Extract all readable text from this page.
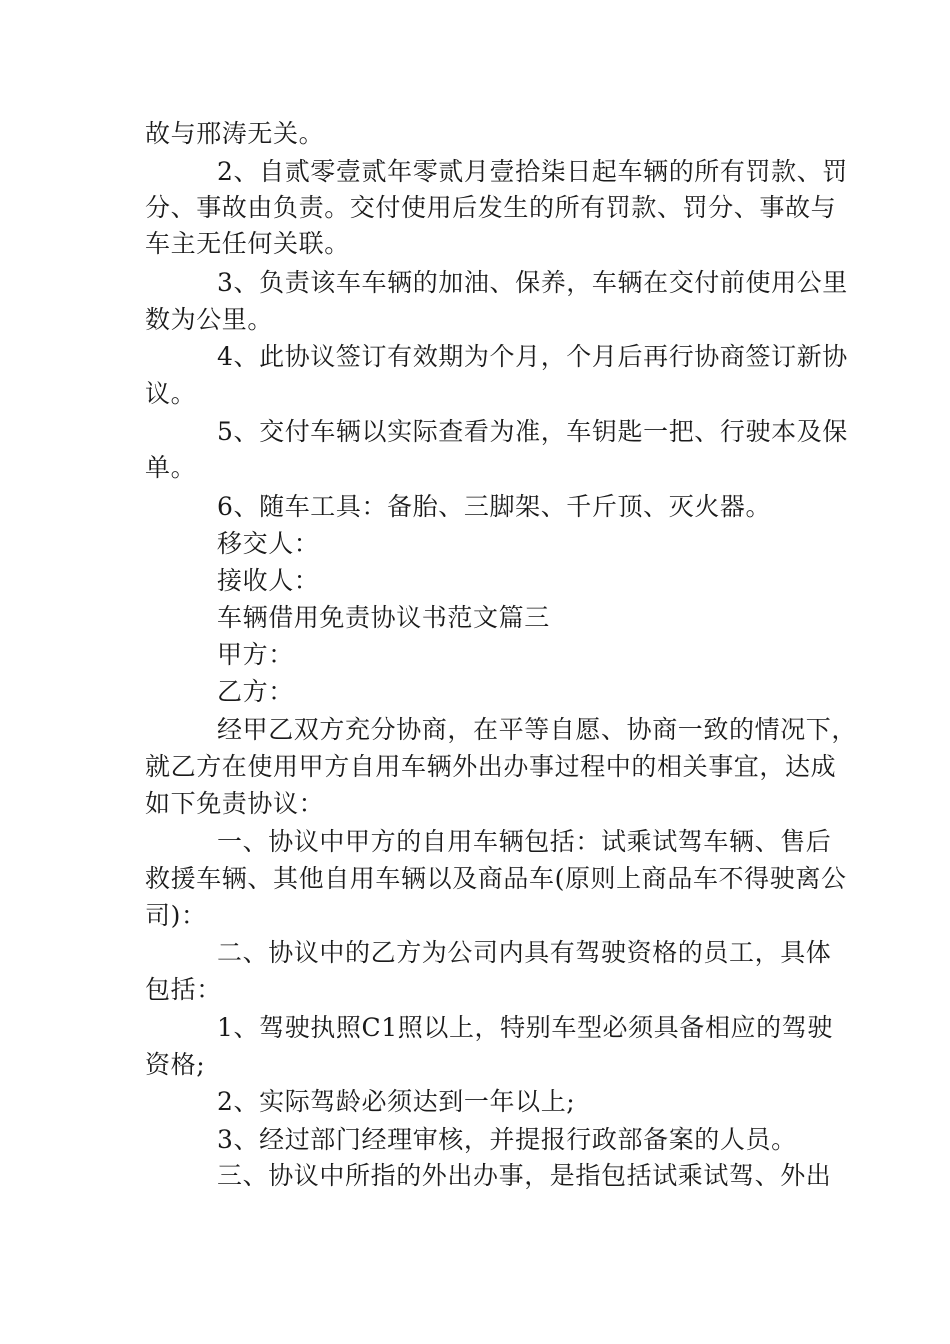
故与邢涛无关。
2、自贰零壹贰年零贰月壹拾柒日起车辆的所有罚款、罚
分、事故由负责。交付使用后发生的所有罚款、罚分、事故与
车主无任何关联。
3、负责该车车辆的加油、保养，车辆在交付前使用公里
数为公里。
4、此协议签订有效期为个月，个月后再行协商签订新协
议。
5、交付车辆以实际查看为准，车钥匙一把、行驶本及保
单。
6、随车工具：备胎、三脚架、千斤顶、灭火器。
移交人：
接收人：
车辆借用免责协议书范文篇三
甲方：
乙方：
经甲乙双方充分协商，在平等自愿、协商一致的情况下，
就乙方在使用甲方自用车辆外出办事过程中的相关事宜，达成
如下免责协议：
一、协议中甲方的自用车辆包括：试乘试驾车辆、售后
救援车辆、其他自用车辆以及商品车(原则上商品车不得驶离公
司)：
二、协议中的乙方为公司内具有驾驶资格的员工，具体
包括：
1、驾驶执照C1照以上，特别车型必须具备相应的驾驶
资格;
2、实际驾龄必须达到一年以上;
3、经过部门经理审核，并提报行政部备案的人员。
三、协议中所指的外出办事，是指包括试乘试驾、外出
